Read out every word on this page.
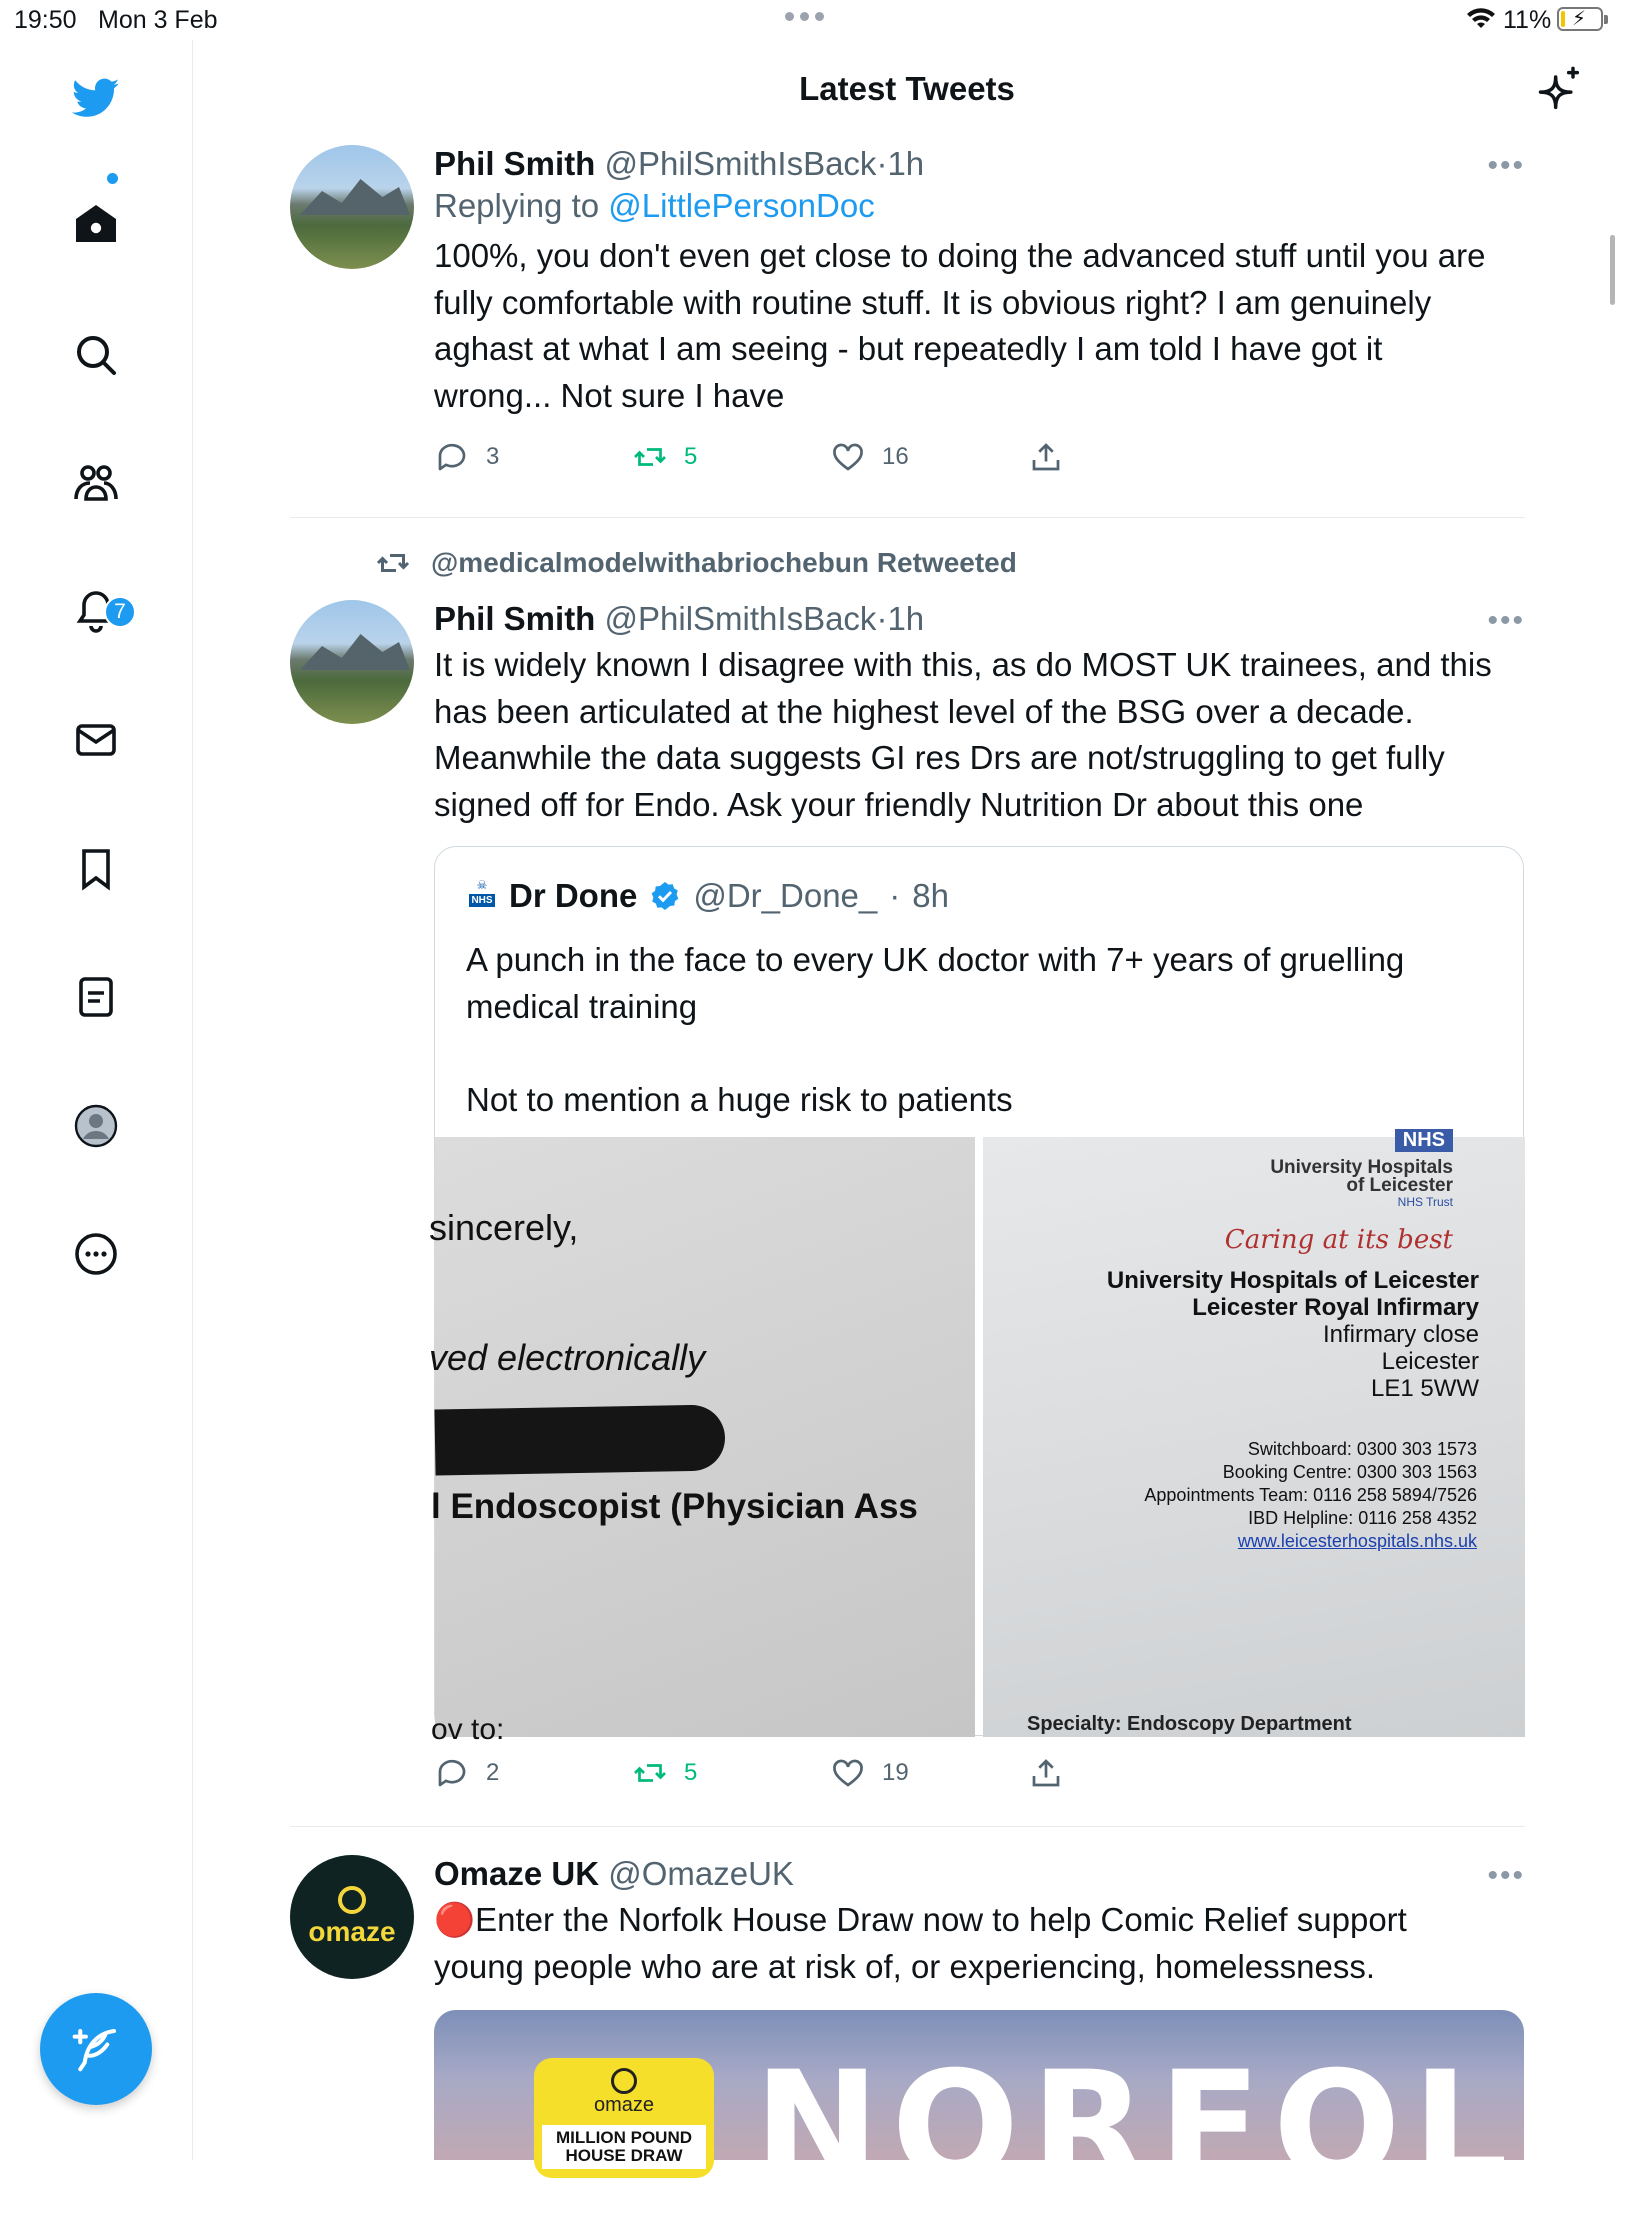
19:50 Mon 3 Feb	11% ⚡
7
Latest Tweets
Phil Smith @PhilSmithIsBack·1h	•••
Replying to @LittlePersonDoc
100%, you don't even get close to doing the advanced stuff until you are fully comfortable with routine stuff. It is obvious right? I am genuinely aghast at what I am seeing - but repeatedly I am told I have got it wrong... Not sure I have
3	5	16
@medicalmodelwithabriochebun Retweeted
Phil Smith @PhilSmithIsBack·1h	•••
It is widely known I disagree with this, as do MOST UK trainees, and this has been articulated at the highest level of the BSG over a decade. Meanwhile the data suggests GI res Drs are not/struggling to get fully signed off for Endo. Ask your friendly Nutrition Dr about this one
☠
NHS Dr Done @Dr_Done_ · 8h
A punch in the face to every UK doctor with 7+ years of gruelling medical training

Not to mention a huge risk to patients
sincerely,
ved electronically
l Endoscopist (Physician Ass
ov to:
NHS
University Hospitals
of Leicester
NHS Trust
Caring at its best
University Hospitals of Leicester
Leicester Royal Infirmary
Infirmary close
Leicester
LE1 5WW
Switchboard: 0300 303 1573
Booking Centre: 0300 303 1563
Appointments Team: 0116 258 5894/7526
IBD Helpline: 0116 258 4352
www.leicesterhospitals.nhs.uk
Specialty: Endoscopy Department
2	5	19
omaze
Omaze UK @OmazeUK	•••
🔴Enter the Norfolk House Draw now to help Comic Relief support young people who are at risk of, or experiencing, homelessness.
omaze
MILLION POUND HOUSE DRAW NORFOLK
